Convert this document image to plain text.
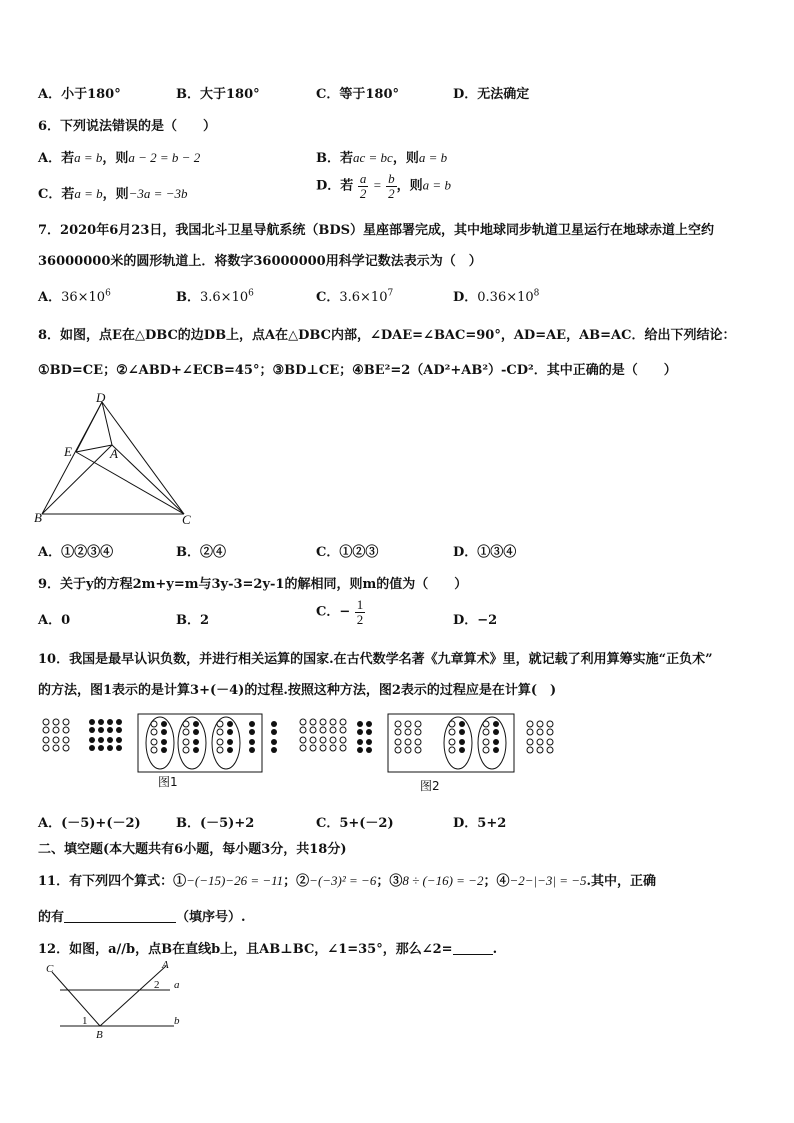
A．小于180°	B．大于180°	C．等于180°	D．无法确定
6．下列说法错误的是（　　）
A．若a = b，则a − 2 = b − 2	B．若ac = bc，则a = b
C．若a = b，则−3a = −3b	D．若 $\frac{a}{2} = \frac{b}{2}$ ，则a = b
7．2020年6月23日，我国北斗卫星导航系统（BDS）星座部署完成，其中地球同步轨道卫星运行在地球赤道上空约
36000000米的圆形轨道上．将数字36000000用科学记数法表示为（　）
A．$36\times 10^6$	B．$3.6\times 10^6$	C．$3.6\times 10^7$	D．$0.36\times 10^8$
8．如图，点E在△DBC的边DB上，点A在△DBC内部，∠DAE=∠BAC=90°，AD=AE，AB=AC．给出下列结论：
①BD=CE；②∠ABD+∠ECB=45°；③BD⊥CE；④BE²=2（AD²+AB²）-CD²．其中正确的是（　　）
D
E	A
B	C
A．①②③④	B．②④	C．①②③	D．①③④
9．关于y的方程2m+y=m与3y-3=2y-1的解相同，则m的值为（　　）
A．0	B．2
C．− $\frac{1}{2}$	D．−2
10．我国是最早认识负数，并进行相关运算的国家.在古代数学名著《九章算术》里，就记载了利用算筹实施“正负术”
的方法，图1表示的是计算3+(－4)的过程.按照这种方法，图2表示的过程应是在计算(　)
图1	图2
A．(－5)+(－2)	B．(－5)+2	C．5+(－2)	D．5+2
二、填空题(本大题共有6小题，每小题3分，共18分)
11．有下列四个算式：①−(−15)−26 = −11；②−(−3)² = −6；③8 ÷ (−16) = −2；④−2−|−3| = −5.其中，正确
的有	（填序号）.
12．如图，a//b，点B在直线b上，且AB⊥BC，∠1=35°，那么∠2=	.
C	A
2 a
1
B
b
